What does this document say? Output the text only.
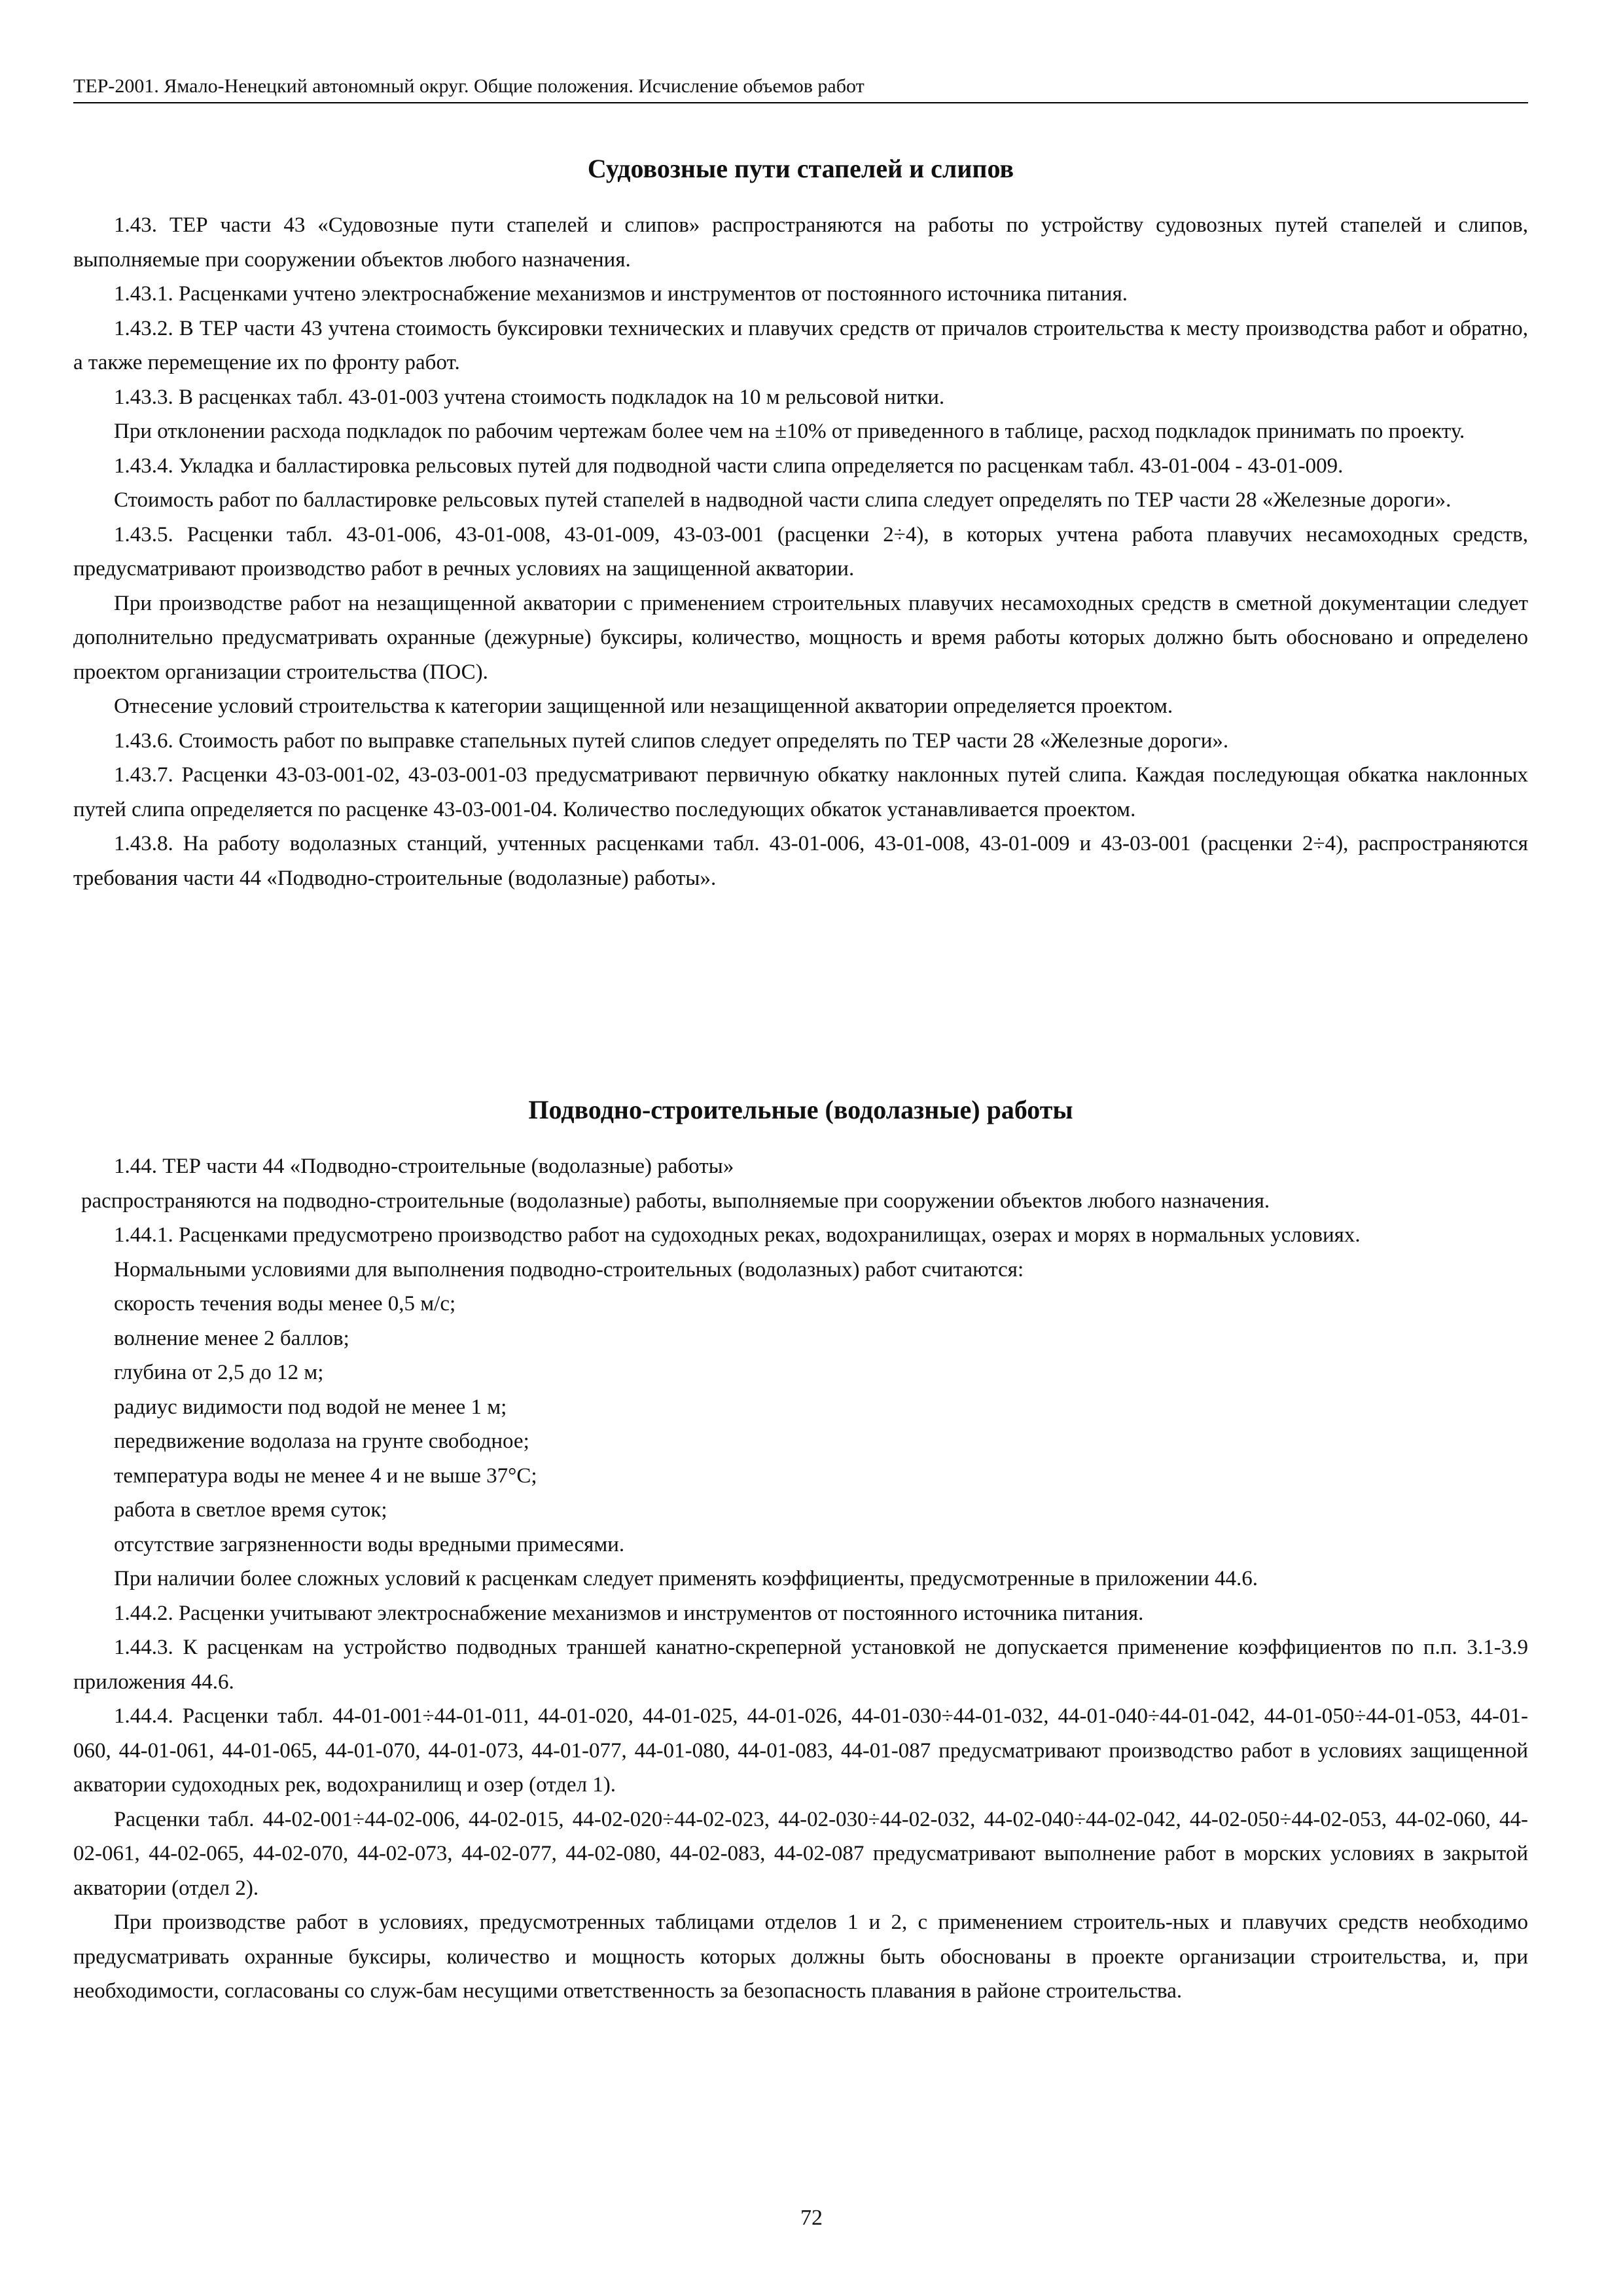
ТЕР-2001. Ямало-Ненецкий автономный округ. Общие положения. Исчисление объемов работ
Судовозные пути стапелей и слипов

1.43. ТЕР части 43 «Судовозные пути стапелей и слипов» распространяются на работы по устройству судовозных путей стапелей и слипов, выполняемые при сооружении объектов любого назначения.

1.43.1. Расценками учтено электроснабжение механизмов и инструментов от постоянного источника питания.

1.43.2. В ТЕР части 43 учтена стоимость буксировки технических и плавучих средств от причалов строительства к месту производства работ и обратно, а также перемещение их по фронту работ.

1.43.3. В расценках табл. 43-01-003 учтена стоимость подкладок на 10 м рельсовой нитки.

При отклонении расхода подкладок по рабочим чертежам более чем на ±10% от приведенного в таблице, расход подкладок принимать по проекту.

1.43.4. Укладка и балластировка рельсовых путей для подводной части слипа определяется по расценкам табл. 43-01-004 - 43-01-009.

Стоимость работ по балластировке рельсовых путей стапелей в надводной части слипа следует определять по ТЕР части 28 «Железные дороги».

1.43.5. Расценки табл. 43-01-006, 43-01-008, 43-01-009, 43-03-001 (расценки 2÷4), в которых учтена работа плавучих несамоходных средств, предусматривают производство работ в речных условиях на защищенной акватории.

При производстве работ на незащищенной акватории с применением строительных плавучих несамоходных средств в сметной документации следует дополнительно предусматривать охранные (дежурные) буксиры, количество, мощность и время работы которых должно быть обосновано и определено проектом организации строительства (ПОС).

Отнесение условий строительства к категории защищенной или незащищенной акватории определяется проектом.

1.43.6. Стоимость работ по выправке стапельных путей слипов следует определять по ТЕР части 28 «Железные дороги».

1.43.7. Расценки 43-03-001-02, 43-03-001-03 предусматривают первичную обкатку наклонных путей слипа. Каждая последующая обкатка наклонных путей слипа определяется по расценке 43-03-001-04. Количество последующих обкаток устанавливается проектом.

1.43.8. На работу водолазных станций, учтенных расценками табл. 43-01-006, 43-01-008, 43-01-009 и 43-03-001 (расценки 2÷4), распространяются требования части 44 «Подводно-строительные (водолазные) работы».

Подводно-строительные (водолазные) работы

1.44. ТЕР части 44 «Подводно-строительные (водолазные) работы»

распространяются на подводно-строительные (водолазные) работы, выполняемые при сооружении объектов любого назначения.

1.44.1. Расценками предусмотрено производство работ на судоходных реках, водохранилищах, озерах и морях в нормальных условиях.

Нормальными условиями для выполнения подводно-строительных (водолазных) работ считаются:

скорость течения воды менее 0,5 м/с;

волнение менее 2 баллов;

глубина от 2,5 до 12 м;

радиус видимости под водой не менее 1 м;

передвижение водолаза на грунте свободное;

температура воды не менее 4 и не выше 37°С;

работа в светлое время суток;

отсутствие загрязненности воды вредными примесями.

При наличии более сложных условий к расценкам следует применять коэффициенты, предусмотренные в приложении 44.6.

1.44.2. Расценки учитывают электроснабжение механизмов и инструментов от постоянного источника питания.

1.44.3. К расценкам на устройство подводных траншей канатно-скреперной установкой не допускается применение коэффициентов по п.п. 3.1-3.9 приложения 44.6.

1.44.4. Расценки табл. 44-01-001÷44-01-011, 44-01-020, 44-01-025, 44-01-026, 44-01-030÷44-01-032, 44-01-040÷44-01-042, 44-01-050÷44-01-053, 44-01-060, 44-01-061, 44-01-065, 44-01-070, 44-01-073, 44-01-077, 44-01-080, 44-01-083, 44-01-087 предусматривают производство работ в условиях защищенной акватории судоходных рек, водохранилищ и озер (отдел 1).

Расценки табл. 44-02-001÷44-02-006, 44-02-015, 44-02-020÷44-02-023, 44-02-030÷44-02-032, 44-02-040÷44-02-042, 44-02-050÷44-02-053, 44-02-060, 44-02-061, 44-02-065, 44-02-070, 44-02-073, 44-02-077, 44-02-080, 44-02-083, 44-02-087 предусматривают выполнение работ в морских условиях в закрытой акватории (отдел 2).

При производстве работ в условиях, предусмотренных таблицами отделов 1 и 2, с применением строитель-ных и плавучих средств необходимо предусматривать охранные буксиры, количество и мощность которых должны быть обоснованы в проекте организации строительства, и, при необходимости, согласованы со служ-бам несущими ответственность за безопасность плавания в районе строительства.

72
